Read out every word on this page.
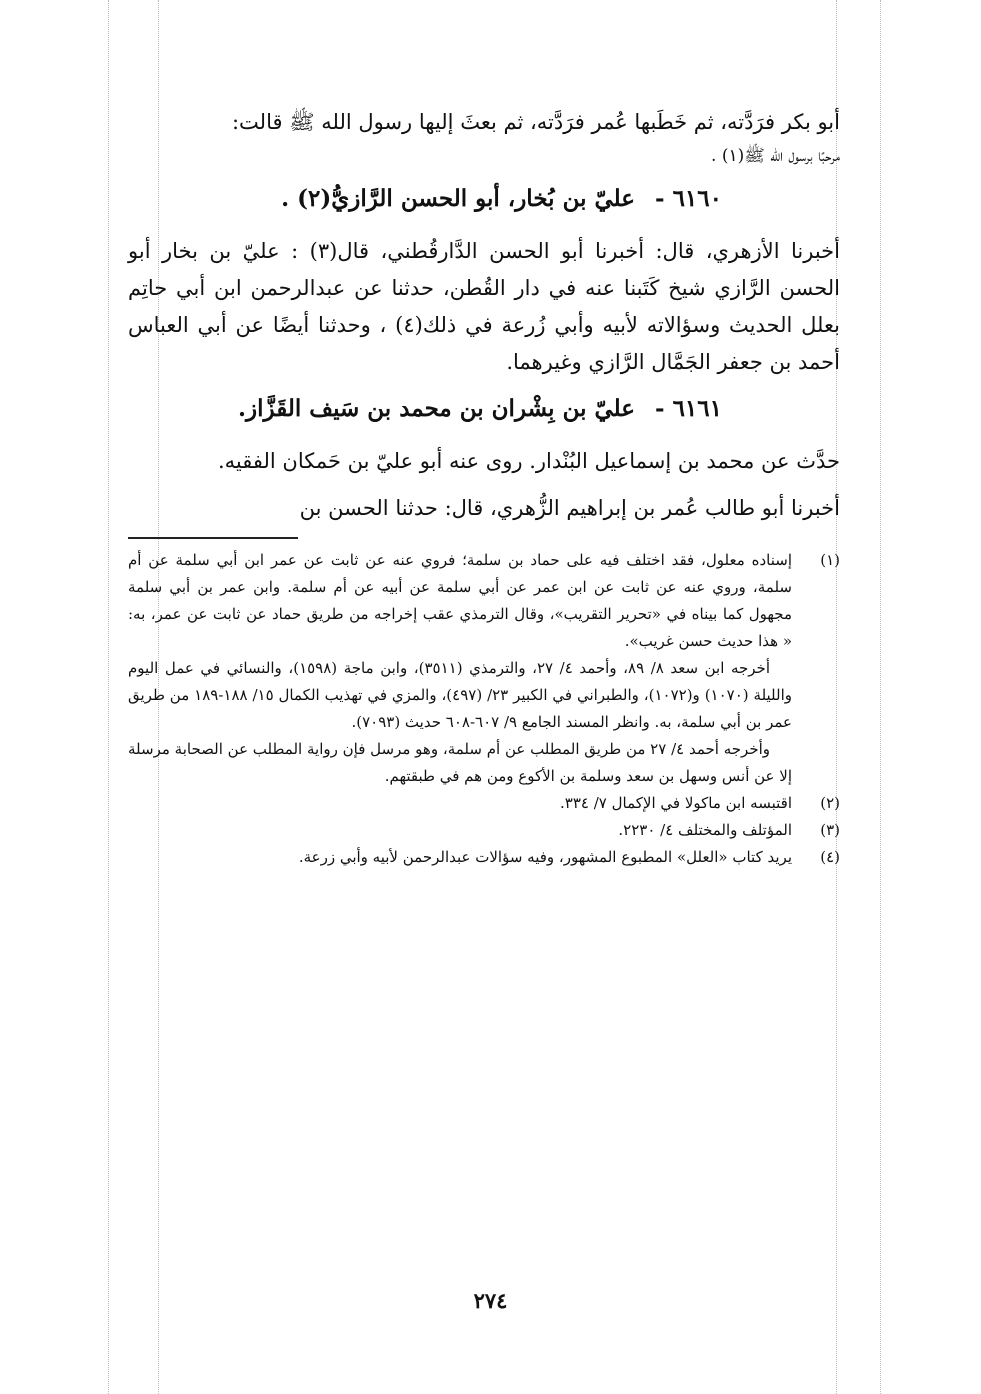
أبو بكر فرَدَّته، ثم خَطَبها عُمر فرَدَّته، ثم بعثَ إليها رسول الله ﷺ قالت:

مرحبًا برسول الله ﷺ(١) .

٦١٦٠ - عليّ بن بُخار، أبو الحسن الرَّازيُّ(٢) .

أخبرنا الأزهري، قال: أخبرنا أبو الحسن الدَّارقُطني، قال(٣) : عليّ بن بخار أبو الحسن الرَّازي شيخ كَتَبنا عنه في دار القُطن، حدثنا عن عبدالرحمن ابن أبي حاتِم بعلل الحديث وسؤالاته لأبيه وأبي زُرعة في ذلك(٤) ، وحدثنا أيضًا عن أبي العباس أحمد بن جعفر الجَمَّال الرَّازي وغيرهما.

٦١٦١ - عليّ بن بِشْران بن محمد بن سَيف القَزَّاز.

حدَّث عن محمد بن إسماعيل البُنْدار. روى عنه أبو عليّ بن حَمكان الفقيه.

أخبرنا أبو طالب عُمر بن إبراهيم الزُّهري، قال: حدثنا الحسن بن

(١)

إسناده معلول، فقد اختلف فيه على حماد بن سلمة؛ فروي عنه عن ثابت عن عمر ابن أبي سلمة عن أم سلمة، وروي عنه عن ثابت عن ابن عمر عن أبي سلمة عن أبيه عن أم سلمة. وابن عمر بن أبي سلمة مجهول كما بيناه في «تحرير التقريب»، وقال الترمذي عقب إخراجه من طريق حماد عن ثابت عن عمر، به: « هذا حديث حسن غريب».

أخرجه ابن سعد ٨/ ٨٩، وأحمد ٤/ ٢٧، والترمذي (٣٥١١)، وابن ماجة (١٥٩٨)، والنسائي في عمل اليوم والليلة (١٠٧٠) و(١٠٧٢)، والطبراني في الكبير ٢٣/ (٤٩٧)، والمزي في تهذيب الكمال ١٥/ ١٨٨-١٨٩ من طريق عمر بن أبي سلمة، به. وانظر المسند الجامع ٩/ ٦٠٧-٦٠٨ حديث (٧٠٩٣).

وأخرجه أحمد ٤/ ٢٧ من طريق المطلب عن أم سلمة، وهو مرسل فإن رواية المطلب عن الصحابة مرسلة إلا عن أنس وسهل بن سعد وسلمة بن الأكوع ومن هم في طبقتهم.

(٢)

اقتبسه ابن ماكولا في الإكمال ٧/ ٣٣٤.

(٣)

المؤتلف والمختلف ٤/ ٢٢٣٠.

(٤)

يريد كتاب «العلل» المطبوع المشهور، وفيه سؤالات عبدالرحمن لأبيه وأبي زرعة.

٢٧٤
